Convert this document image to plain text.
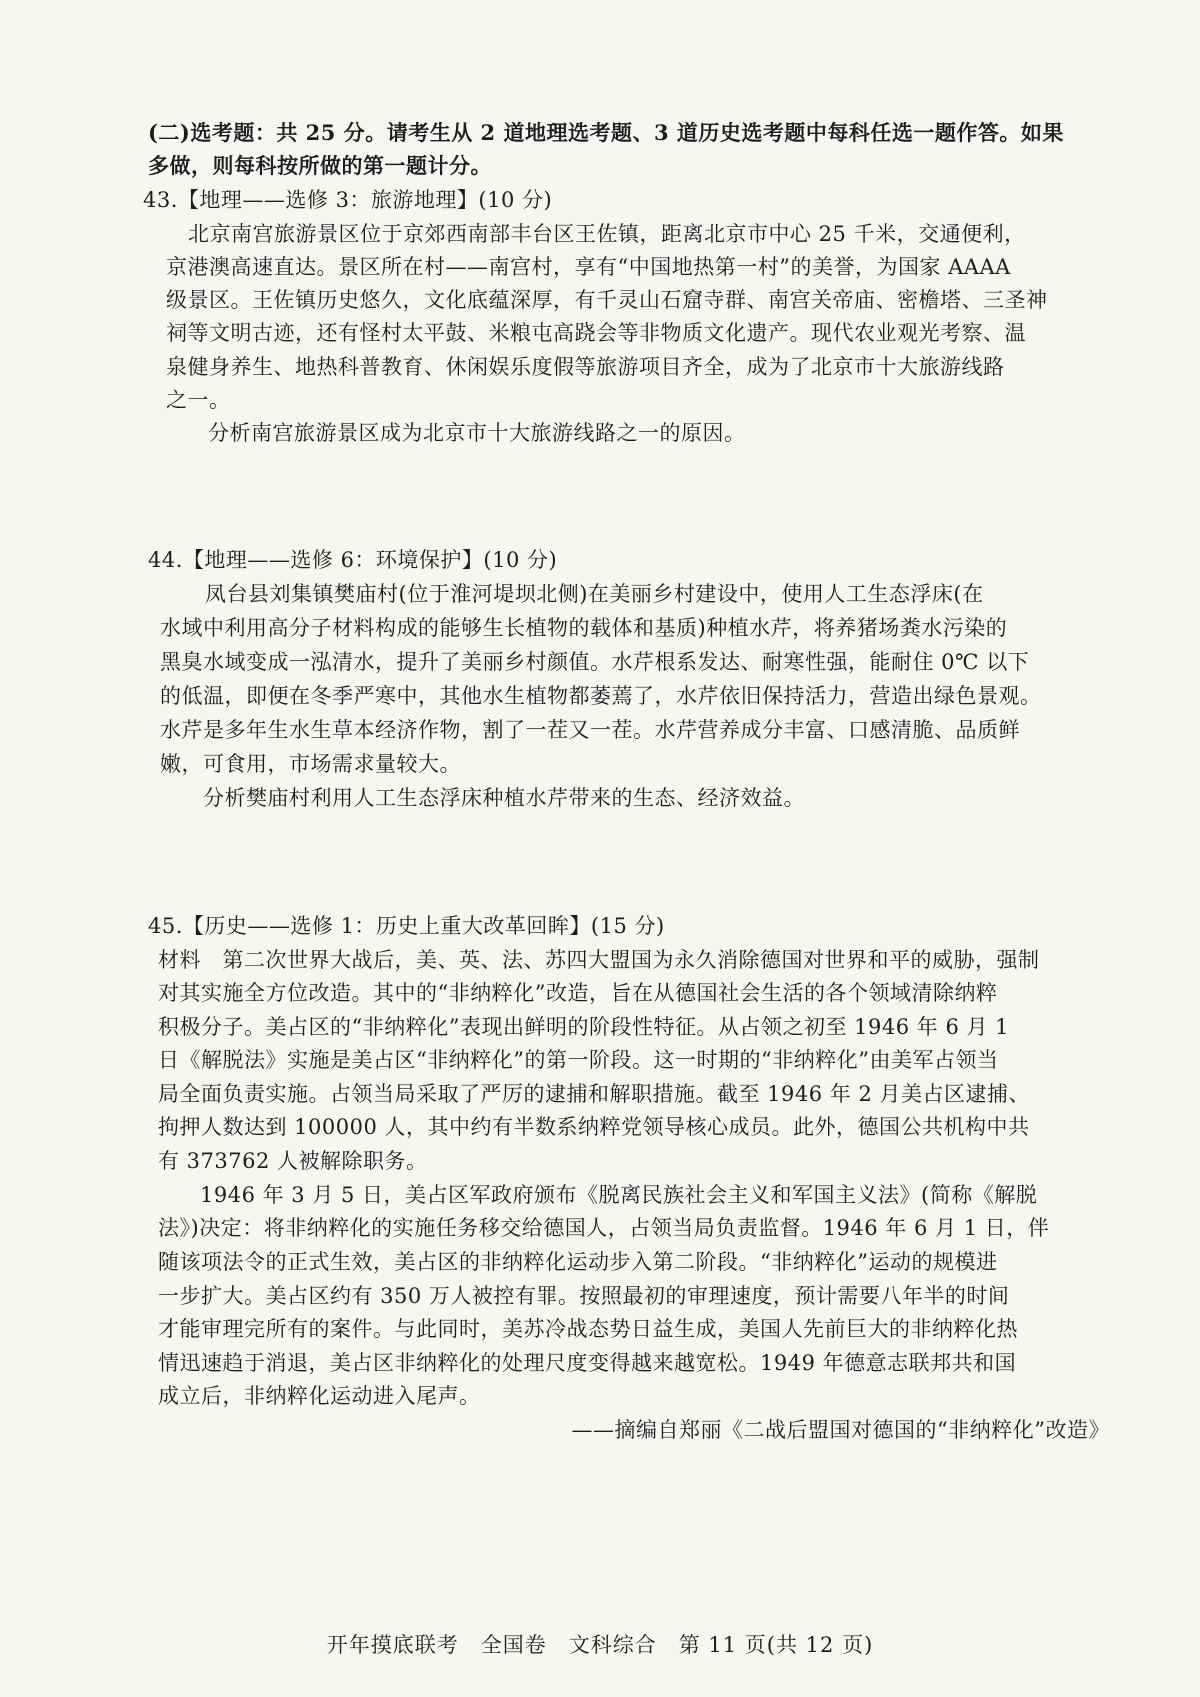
(二)选考题：共 25 分。请考生从 2 道地理选考题、3 道历史选考题中每科任选一题作答。如果
多做，则每科按所做的第一题计分。
43.【地理——选修 3：旅游地理】(10 分)
北京南宫旅游景区位于京郊西南部丰台区王佐镇，距离北京市中心 25 千米，交通便利，
京港澳高速直达。景区所在村——南宫村，享有“中国地热第一村”的美誉，为国家 AAAA
级景区。王佐镇历史悠久，文化底蕴深厚，有千灵山石窟寺群、南宫关帝庙、密檐塔、三圣神
祠等文明古迹，还有怪村太平鼓、米粮屯高跷会等非物质文化遗产。现代农业观光考察、温
泉健身养生、地热科普教育、休闲娱乐度假等旅游项目齐全，成为了北京市十大旅游线路
之一。
分析南宫旅游景区成为北京市十大旅游线路之一的原因。
44.【地理——选修 6：环境保护】(10 分)
凤台县刘集镇樊庙村(位于淮河堤坝北侧)在美丽乡村建设中，使用人工生态浮床(在
水域中利用高分子材料构成的能够生长植物的载体和基质)种植水芹，将养猪场粪水污染的
黑臭水域变成一泓清水，提升了美丽乡村颜值。水芹根系发达、耐寒性强，能耐住 0℃ 以下
的低温，即便在冬季严寒中，其他水生植物都萎蔫了，水芹依旧保持活力，营造出绿色景观。
水芹是多年生水生草本经济作物，割了一茬又一茬。水芹营养成分丰富、口感清脆、品质鲜
嫩，可食用，市场需求量较大。
分析樊庙村利用人工生态浮床种植水芹带来的生态、经济效益。
45.【历史——选修 1：历史上重大改革回眸】(15 分)
材料　第二次世界大战后，美、英、法、苏四大盟国为永久消除德国对世界和平的威胁，强制
对其实施全方位改造。其中的“非纳粹化”改造，旨在从德国社会生活的各个领域清除纳粹
积极分子。美占区的“非纳粹化”表现出鲜明的阶段性特征。从占领之初至 1946 年 6 月 1
日《解脱法》实施是美占区“非纳粹化”的第一阶段。这一时期的“非纳粹化”由美军占领当
局全面负责实施。占领当局采取了严厉的逮捕和解职措施。截至 1946 年 2 月美占区逮捕、
拘押人数达到 100000 人，其中约有半数系纳粹党领导核心成员。此外，德国公共机构中共
有 373762 人被解除职务。
1946 年 3 月 5 日，美占区军政府颁布《脱离民族社会主义和军国主义法》(简称《解脱
法》)决定：将非纳粹化的实施任务移交给德国人，占领当局负责监督。1946 年 6 月 1 日，伴
随该项法令的正式生效，美占区的非纳粹化运动步入第二阶段。“非纳粹化”运动的规模进
一步扩大。美占区约有 350 万人被控有罪。按照最初的审理速度，预计需要八年半的时间
才能审理完所有的案件。与此同时，美苏冷战态势日益生成，美国人先前巨大的非纳粹化热
情迅速趋于消退，美占区非纳粹化的处理尺度变得越来越宽松。1949 年德意志联邦共和国
成立后，非纳粹化运动进入尾声。
——摘编自郑丽《二战后盟国对德国的“非纳粹化”改造》
开年摸底联考　全国卷　文科综合　第 11 页(共 12 页)
